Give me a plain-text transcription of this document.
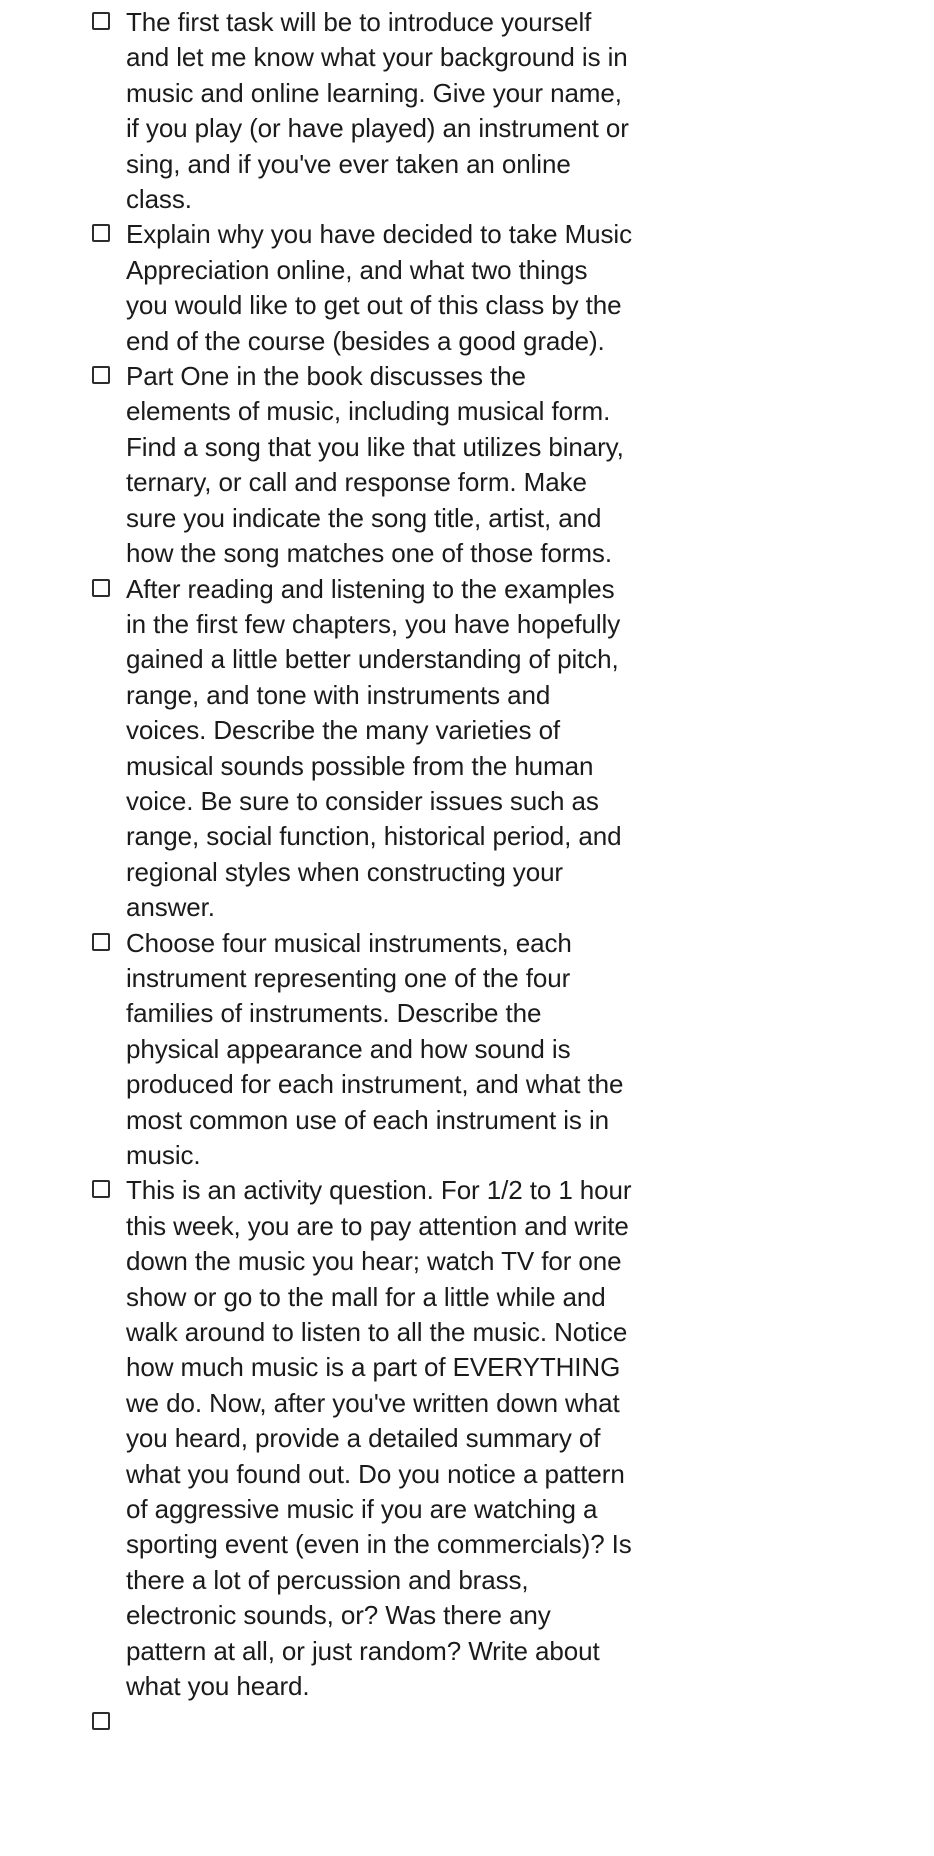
The first task will be to introduce yourself and let me know what your background is in music and online learning. Give your name, if you play (or have played) an instrument or sing, and if you've ever taken an online class.
Explain why you have decided to take Music Appreciation online, and what two things you would like to get out of this class by the end of the course (besides a good grade).
Part One in the book discusses the elements of music, including musical form. Find a song that you like that utilizes binary, ternary, or call and response form. Make sure you indicate the song title, artist, and how the song matches one of those forms.
After reading and listening to the examples in the first few chapters, you have hopefully gained a little better understanding of pitch, range, and tone with instruments and voices. Describe the many varieties of musical sounds possible from the human voice. Be sure to consider issues such as range, social function, historical period, and regional styles when constructing your answer.
Choose four musical instruments, each instrument representing one of the four families of instruments. Describe the physical appearance and how sound is produced for each instrument, and what the most common use of each instrument is in music.
This is an activity question. For 1/2 to 1 hour this week, you are to pay attention and write down the music you hear; watch TV for one show or go to the mall for a little while and walk around to listen to all the music. Notice how much music is a part of EVERYTHING we do. Now, after you've written down what you heard, provide a detailed summary of what you found out. Do you notice a pattern of aggressive music if you are watching a sporting event (even in the commercials)? Is there a lot of percussion and brass, electronic sounds, or? Was there any pattern at all, or just random? Write about what you heard.
